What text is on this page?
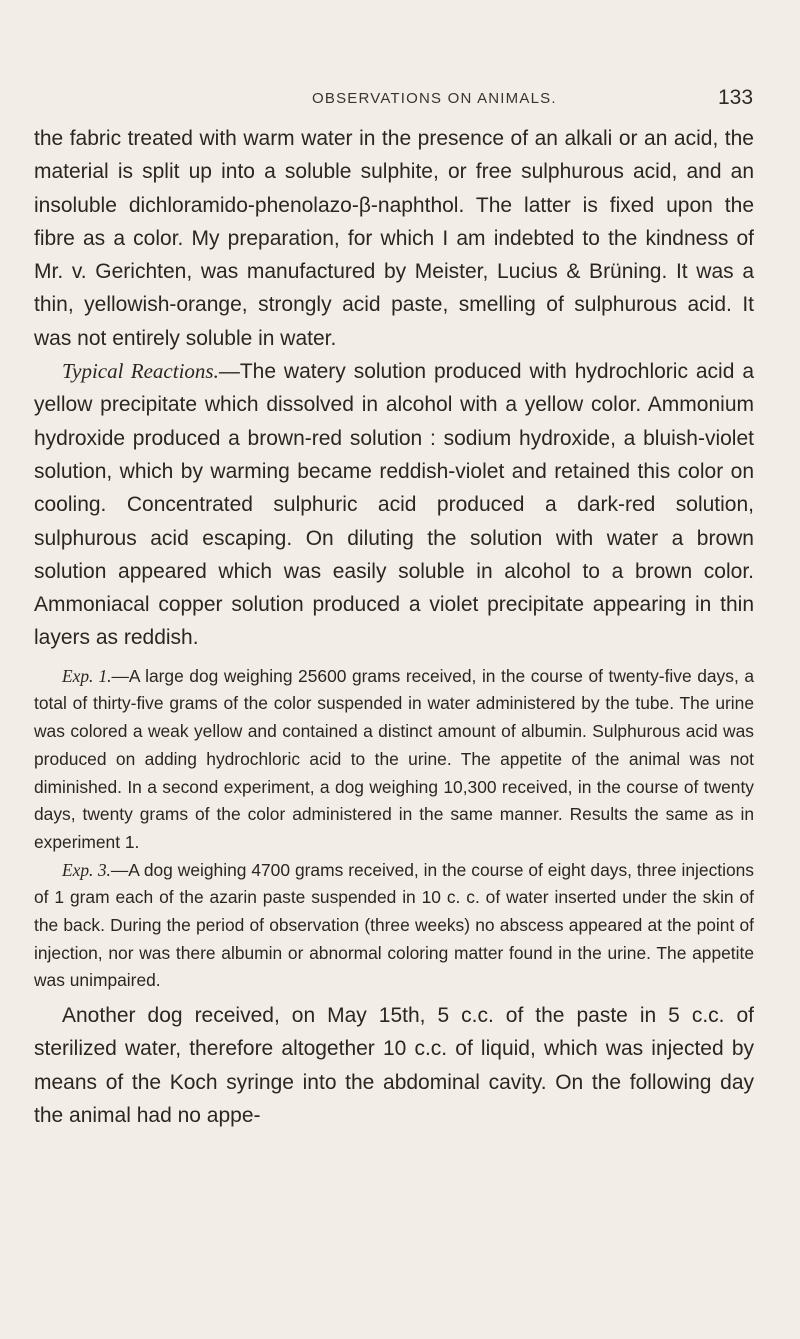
OBSERVATIONS ON ANIMALS.	133

the fabric treated with warm water in the presence of an alkali or an acid, the material is split up into a soluble sulphite, or free sulphurous acid, and an insoluble dichloramido-phenolazo-β-naphthol. The latter is fixed upon the fibre as a color. My preparation, for which I am indebted to the kindness of Mr. v. Gerichten, was manufactured by Meister, Lucius & Brüning. It was a thin, yellowish-orange, strongly acid paste, smelling of sulphurous acid. It was not entirely soluble in water.

Typical Reactions.—The watery solution produced with hydrochloric acid a yellow precipitate which dissolved in alcohol with a yellow color. Ammonium hydroxide produced a brown-red solution : sodium hydroxide, a bluish-violet solution, which by warming became reddish-violet and retained this color on cooling. Concentrated sulphuric acid produced a dark-red solution, sulphurous acid escaping. On diluting the solution with water a brown solution appeared which was easily soluble in alcohol to a brown color. Ammoniacal copper solution produced a violet precipitate appearing in thin layers as reddish.

Exp. 1.—A large dog weighing 25600 grams received, in the course of twenty-five days, a total of thirty-five grams of the color suspended in water administered by the tube. The urine was colored a weak yellow and contained a distinct amount of albumin. Sulphurous acid was produced on adding hydrochloric acid to the urine. The appetite of the animal was not diminished. In a second experiment, a dog weighing 10,300 received, in the course of twenty days, twenty grams of the color administered in the same manner. Results the same as in experiment 1.

Exp. 3.—A dog weighing 4700 grams received, in the course of eight days, three injections of 1 gram each of the azarin paste suspended in 10 c. c. of water inserted under the skin of the back. During the period of observation (three weeks) no abscess appeared at the point of injection, nor was there albumin or abnormal coloring matter found in the urine. The appetite was unimpaired.

Another dog received, on May 15th, 5 c.c. of the paste in 5 c.c. of sterilized water, therefore altogether 10 c.c. of liquid, which was injected by means of the Koch syringe into the abdominal cavity. On the following day the animal had no appe-
